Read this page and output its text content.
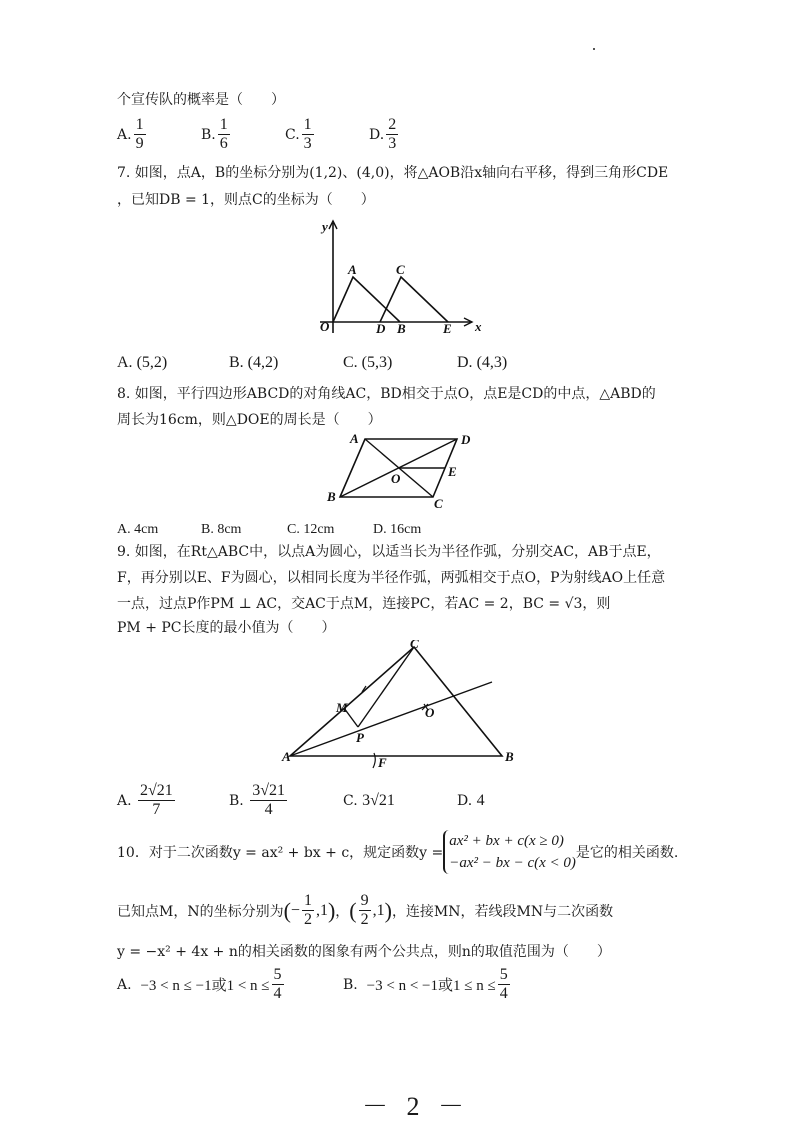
个宣传队的概率是（　　）
A. $\frac{1}{9}$	B. $\frac{1}{6}$	C. $\frac{1}{3}$	D. $\frac{2}{3}$
7. 如图，点A，B的坐标分别为(1,2)、(4,0)，将△AOB沿x轴向右平移，得到三角形CDE
，已知DB = 1，则点C的坐标为（　　）
y
x
O
A	C
D B	E
A.
(5,2)	B.
(4,2)	C.
(5,3)	D.
(4,3)
8. 如图，平行四边形ABCD的对角线AC，BD相交于点O，点E是CD的中点，△ABD的
周长为16cm，则△DOE的周长是（　　）
A	D
O	E
B	C
A.
4cm	B.
8cm	C.
12cm	D.
16cm
9. 如图，在Rt△ABC中，以点A为圆心，以适当长为半径作弧，分别交AC，AB于点E，
F，再分别以E、F为圆心，以相同长度为半径作弧，两弧相交于点O，P为射线AO上任意
一点，过点P作PM ⊥ AC，交AC于点M，连接PC，若AC = 2，BC = √3，则
PM + PC长度的最小值为（　　）
C
M	O
P
A	F	B
A.
$\frac{2√21}{7}$	B.
$\frac{3√21}{4}$	C.
3√21	D.
4
10．对于二次函数y = ax² + bx + c，规定函数y =
ax² + bx + c(x ≥ 0)
−ax² − bx − c(x < 0)
是它的相关函数.
已知点M，N的坐标分别为 ( − $\frac{1}{2} ,1$ ) ， ( $\frac{9}{2} ,1$ ) ，连接MN，若线段MN与二次函数
y = −x² + 4x + n的相关函数的图象有两个公共点，则n的取值范围为（　　）
A.
−3 < n ≤ −1或$1 < n \le \frac{5}{4}$	B.
−3 < n < −1或$1 \le n \le \frac{5}{4}$
－ 2 －
